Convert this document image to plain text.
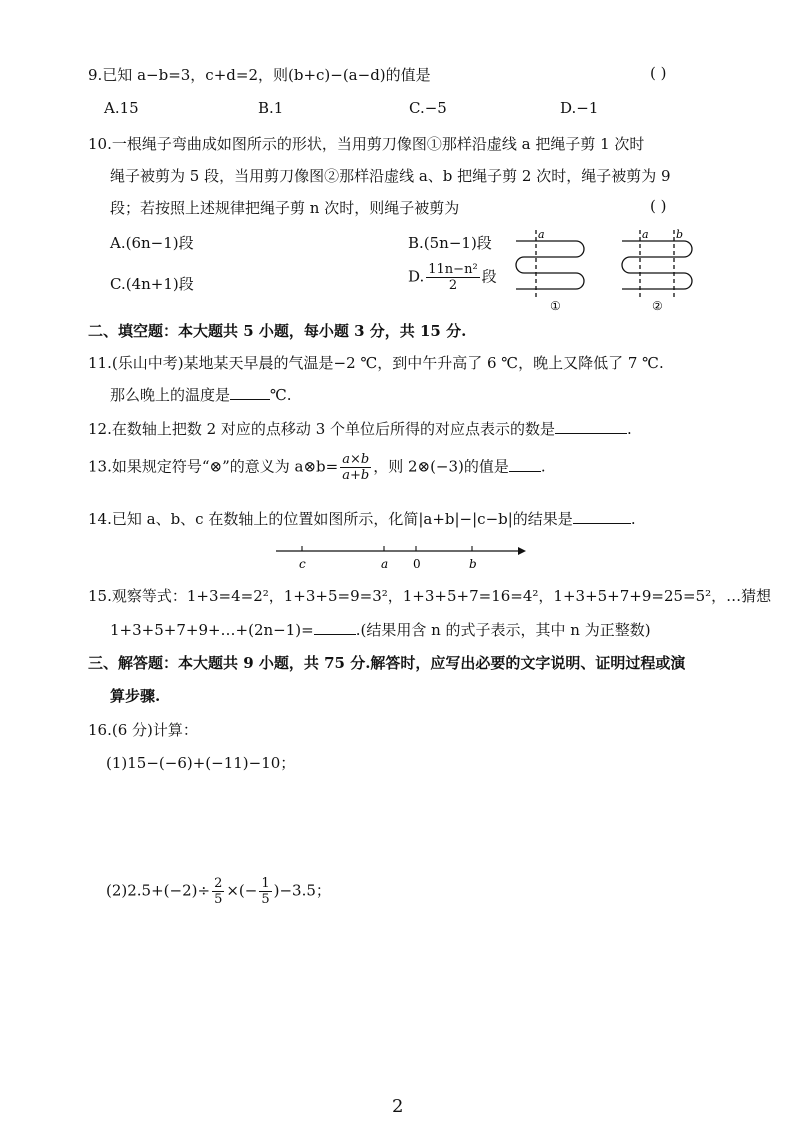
9.已知 a−b=3，c+d=2，则(b+c)−(a−d)的值是	( )
A.15	B.1	C.−5	D.−1
10.一根绳子弯曲成如图所示的形状，当用剪刀像图①那样沿虚线 a 把绳子剪 1 次时
绳子被剪为 5 段，当用剪刀像图②那样沿虚线 a、b 把绳子剪 2 次时，绳子被剪为 9
段；若按照上述规律把绳子剪 n 次时，则绳子被剪为	( )
A.(6n−1)段	B.(5n−1)段
C.(4n+1)段	D. $\frac{\text{11n−n²}}{2}$ 段
a
①
a b
②
二、填空题：本大题共 5 小题，每小题 3 分，共 15 分.
11.(乐山中考)某地某天早晨的气温是−2 ℃，到中午升高了 6 ℃，晚上又降低了 7 ℃.
那么晚上的温度是	℃.
12.在数轴上把数 2 对应的点移动 3 个单位后所得的对应点表示的数是	.
13.如果规定符号“⊗”的意义为 a⊗b= $\frac{a\times b}{a+b}$ ，则 2⊗(−3)的值是 .
14.已知 a、b、c 在数轴上的位置如图所示，化简|a+b|−|c−b|的结果是	.
c	a 0	b
15.观察等式：1+3=4=2²，1+3+5=9=3²，1+3+5+7=16=4²，1+3+5+7+9=25=5²，…猜想
1+3+5+7+9+…+(2n−1)=	.(结果用含 n 的式子表示，其中 n 为正整数)
三、解答题：本大题共 9 小题，共 75 分.解答时，应写出必要的文字说明、证明过程或演
算步骤.
16.(6 分)计算：
(1)15−(−6)+(−11)−10；
$(2)2.5+(-2)\div \frac{2}{5}$ ×(− $\frac{1}{5} )-3.5$；
2
